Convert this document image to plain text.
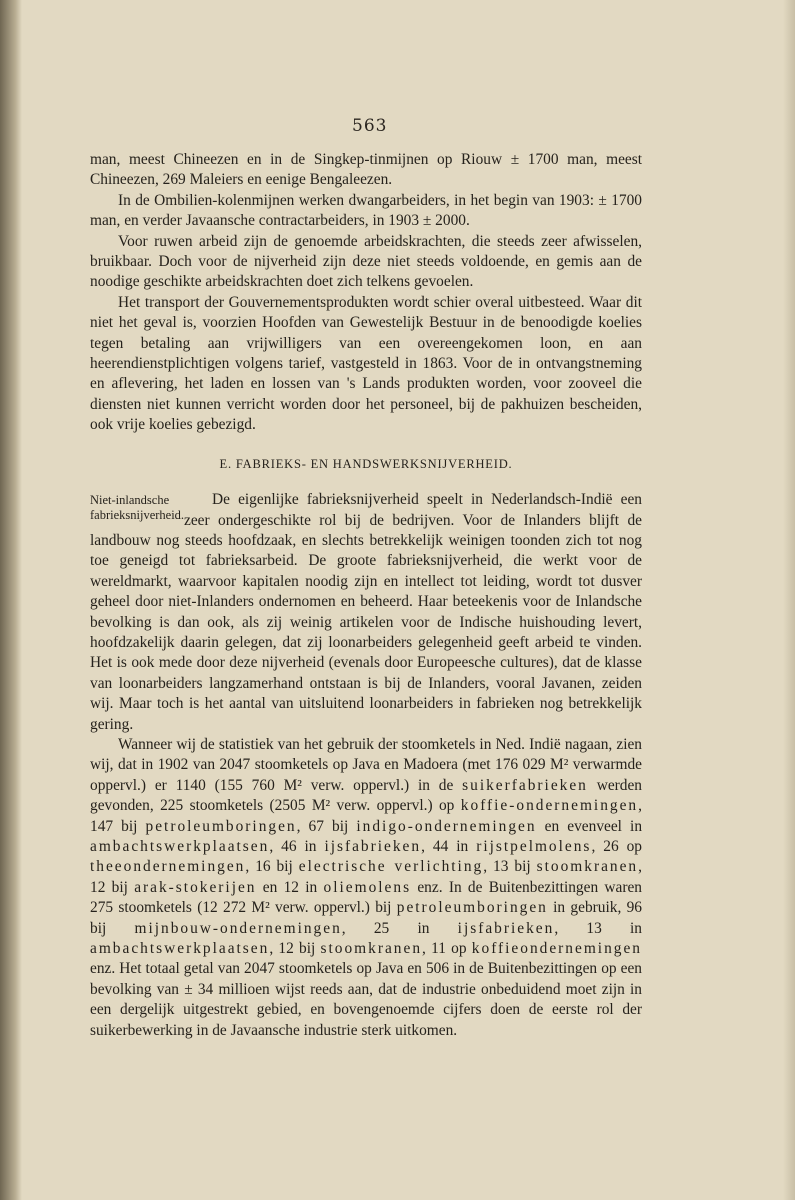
563

man, meest Chineezen en in de Singkep-tinmijnen op Riouw ± 1700 man, meest Chineezen, 269 Maleiers en eenige Bengaleezen.

In de Ombilien-kolenmijnen werken dwangarbeiders, in het begin van 1903: ± 1700 man, en verder Javaansche contractarbeiders, in 1903 ± 2000.

Voor ruwen arbeid zijn de genoemde arbeidskrachten, die steeds zeer afwisselen, bruikbaar. Doch voor de nijverheid zijn deze niet steeds voldoende, en gemis aan de noodige geschikte arbeidskrachten doet zich telkens gevoelen.

Het transport der Gouvernementsprodukten wordt schier overal uitbesteed. Waar dit niet het geval is, voorzien Hoofden van Gewestelijk Bestuur in de benoodigde koelies tegen betaling aan vrijwilligers van een overeengekomen loon, en aan heerendienstplichtigen volgens tarief, vastgesteld in 1863. Voor de in ontvangstneming en aflevering, het laden en lossen van 's Lands produkten worden, voor zooveel die diensten niet kunnen verricht worden door het personeel, bij de pakhuizen bescheiden, ook vrije koelies gebezigd.

E. FABRIEKS- EN HANDSWERKSNIJVERHEID.
Niet-inlandsche fabrieksnijverheid.

De eigenlijke fabrieksnijverheid speelt in Nederlandsch-Indië een zeer ondergeschikte rol bij de bedrijven. Voor de Inlanders blijft de landbouw nog steeds hoofdzaak, en slechts betrekkelijk weinigen toonden zich tot nog toe geneigd tot fabrieksarbeid. De groote fabrieksnijverheid, die werkt voor de wereldmarkt, waarvoor kapitalen noodig zijn en intellect tot leiding, wordt tot dusver geheel door niet-Inlanders ondernomen en beheerd. Haar beteekenis voor de Inlandsche bevolking is dan ook, als zij weinig artikelen voor de Indische huishouding levert, hoofdzakelijk daarin gelegen, dat zij loonarbeiders gelegenheid geeft arbeid te vinden. Het is ook mede door deze nijverheid (evenals door Europeesche cultures), dat de klasse van loonarbeiders langzamerhand ontstaan is bij de Inlanders, vooral Javanen, zeiden wij. Maar toch is het aantal van uitsluitend loonarbeiders in fabrieken nog betrekkelijk gering.

Wanneer wij de statistiek van het gebruik der stoomketels in Ned. Indië nagaan, zien wij, dat in 1902 van 2047 stoomketels op Java en Madoera (met 176 029 M² verwarmde oppervl.) er 1140 (155 760 M² verw. oppervl.) in de suikerfabrieken werden gevonden, 225 stoomketels (2505 M² verw. oppervl.) op koffie-ondernemingen, 147 bij petroleumboringen, 67 bij indigo-ondernemingen en evenveel in ambachtswerkplaatsen, 46 in ijsfabrieken, 44 in rijstpelmolens, 26 op theeondernemingen, 16 bij electrische verlichting, 13 bij stoomkranen, 12 bij arak-stokerijen en 12 in oliemolens enz. In de Buitenbezittingen waren 275 stoomketels (12 272 M² verw. oppervl.) bij petroleumboringen in gebruik, 96 bij mijnbouw-ondernemingen, 25 in ijsfabrieken, 13 in ambachtswerkplaatsen, 12 bij stoomkranen, 11 op koffieondernemingen enz. Het totaal getal van 2047 stoomketels op Java en 506 in de Buitenbezittingen op een bevolking van ± 34 millioen wijst reeds aan, dat de industrie onbeduidend moet zijn in een dergelijk uitgestrekt gebied, en bovengenoemde cijfers doen de eerste rol der suikerbewerking in de Javaansche industrie sterk uitkomen.
